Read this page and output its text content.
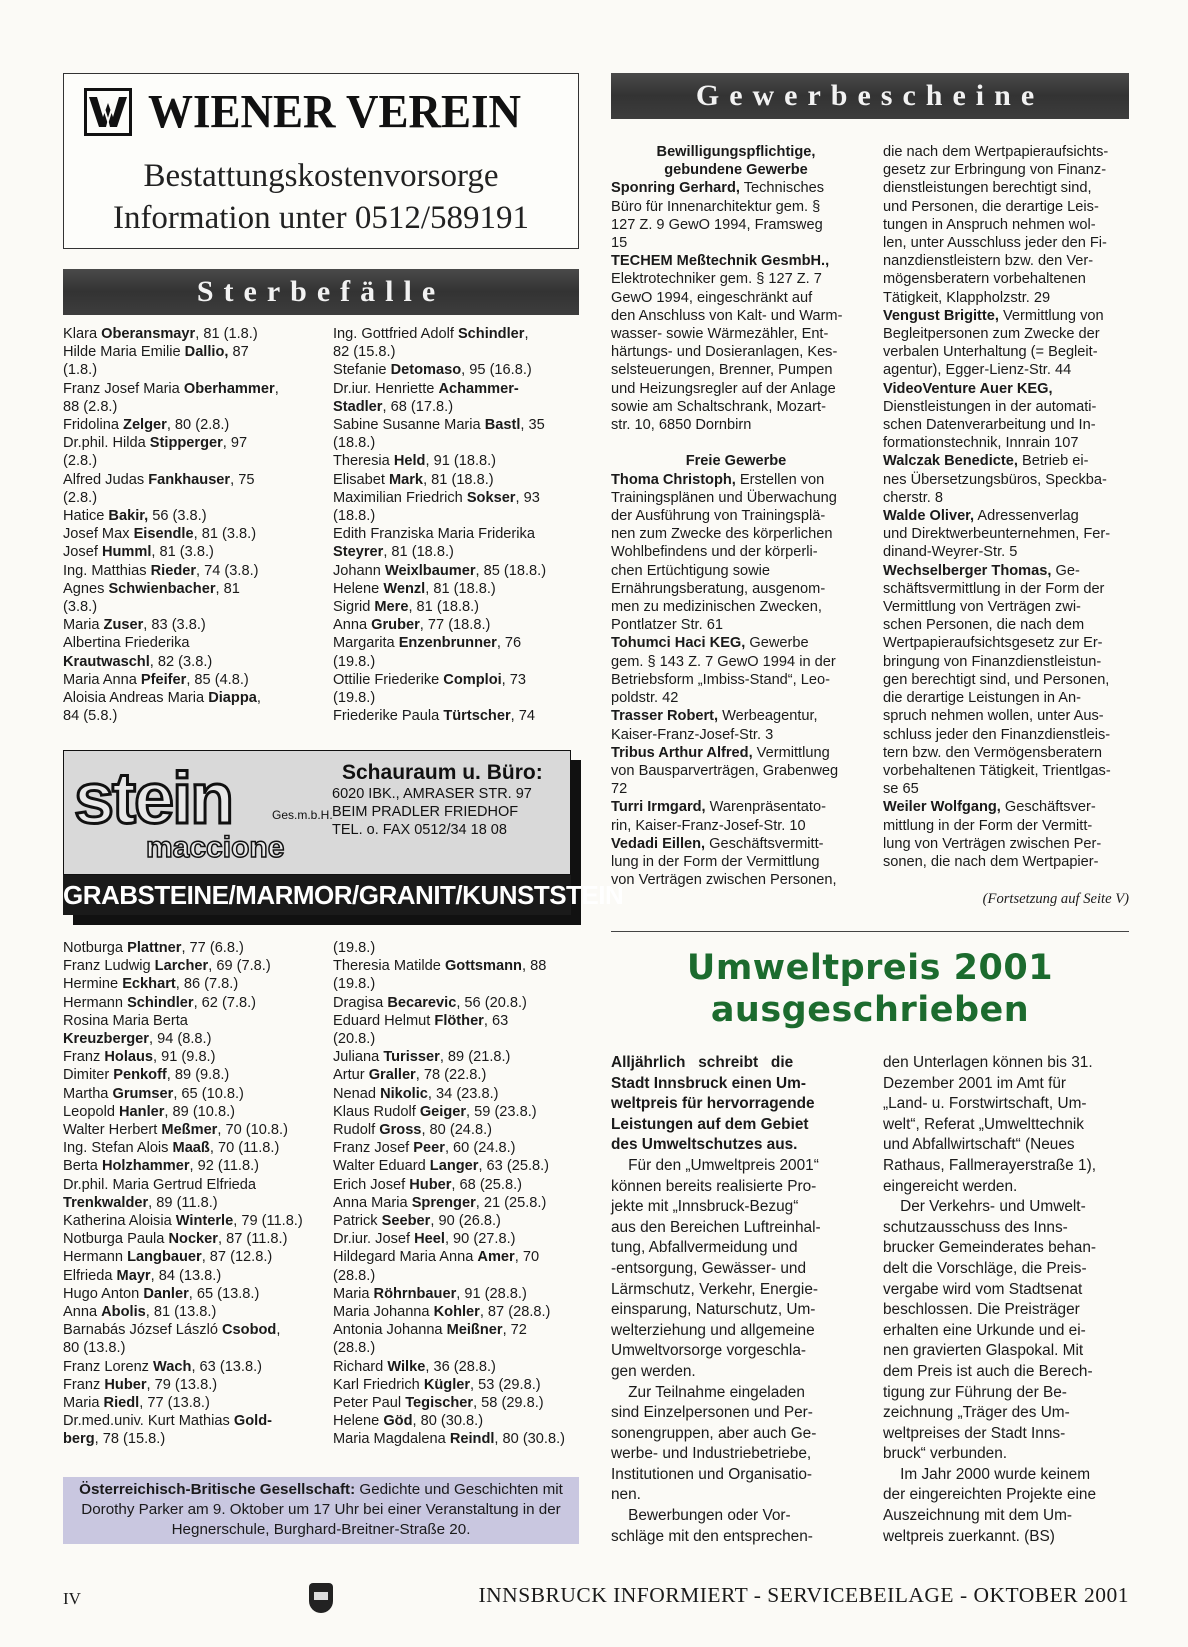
WIENER VEREIN
Bestattungskostenvorsorge
Information unter 0512/589191
Gewerbescheine
Sterbefälle
Klara Oberansmayr, 81 (1.8.)
Hilde Maria Emilie Dallio, 87
(1.8.)
Franz Josef Maria Oberhammer,
88 (2.8.)
Fridolina Zelger, 80 (2.8.)
Dr.phil. Hilda Stipperger, 97
(2.8.)
Alfred Judas Fankhauser, 75
(2.8.)
Hatice Bakir, 56 (3.8.)
Josef Max Eisendle, 81 (3.8.)
Josef Humml, 81 (3.8.)
Ing. Matthias Rieder, 74 (3.8.)
Agnes Schwienbacher, 81
(3.8.)
Maria Zuser, 83 (3.8.)
Albertina Friederika
Krautwaschl, 82 (3.8.)
Maria Anna Pfeifer, 85 (4.8.)
Aloisia Andreas Maria Diappa,
84 (5.8.)
Ing. Gottfried Adolf Schindler,
82 (15.8.)
Stefanie Detomaso, 95 (16.8.)
Dr.iur. Henriette Achammer-
Stadler, 68 (17.8.)
Sabine Susanne Maria Bastl, 35
(18.8.)
Theresia Held, 91 (18.8.)
Elisabet Mark, 81 (18.8.)
Maximilian Friedrich Sokser, 93
(18.8.)
Edith Franziska Maria Friderika
Steyrer, 81 (18.8.)
Johann Weixlbaumer, 85 (18.8.)
Helene Wenzl, 81 (18.8.)
Sigrid Mere, 81 (18.8.)
Anna Gruber, 77 (18.8.)
Margarita Enzenbrunner, 76
(19.8.)
Ottilie Friederike Comploi, 73
(19.8.)
Friederike Paula Türtscher, 74
stein	Ges.m.b.H.
maccione
Schauraum u. Büro:
6020 IBK., AMRASER STR. 97
BEIM PRADLER FRIEDHOF
TEL. o. FAX 0512/34 18 08
GRABSTEINE/MARMOR/GRANIT/KUNSTSTEIN
Notburga Plattner, 77 (6.8.)
Franz Ludwig Larcher, 69 (7.8.)
Hermine Eckhart, 86 (7.8.)
Hermann Schindler, 62 (7.8.)
Rosina Maria Berta
Kreuzberger, 94 (8.8.)
Franz Holaus, 91 (9.8.)
Dimiter Penkoff, 89 (9.8.)
Martha Grumser, 65 (10.8.)
Leopold Hanler, 89 (10.8.)
Walter Herbert Meßmer, 70 (10.8.)
Ing. Stefan Alois Maaß, 70 (11.8.)
Berta Holzhammer, 92 (11.8.)
Dr.phil. Maria Gertrud Elfrieda
Trenkwalder, 89 (11.8.)
Katherina Aloisia Winterle, 79 (11.8.)
Notburga Paula Nocker, 87 (11.8.)
Hermann Langbauer, 87 (12.8.)
Elfrieda Mayr, 84 (13.8.)
Hugo Anton Danler, 65 (13.8.)
Anna Abolis, 81 (13.8.)
Barnabás József László Csobod,
80 (13.8.)
Franz Lorenz Wach, 63 (13.8.)
Franz Huber, 79 (13.8.)
Maria Riedl, 77 (13.8.)
Dr.med.univ. Kurt Mathias Gold-
berg, 78 (15.8.)
(19.8.)
Theresia Matilde Gottsmann, 88
(19.8.)
Dragisa Becarevic, 56 (20.8.)
Eduard Helmut Flöther, 63
(20.8.)
Juliana Turisser, 89 (21.8.)
Artur Graller, 78 (22.8.)
Nenad Nikolic, 34 (23.8.)
Klaus Rudolf Geiger, 59 (23.8.)
Rudolf Gross, 80 (24.8.)
Franz Josef Peer, 60 (24.8.)
Walter Eduard Langer, 63 (25.8.)
Erich Josef Huber, 68 (25.8.)
Anna Maria Sprenger, 21 (25.8.)
Patrick Seeber, 90 (26.8.)
Dr.iur. Josef Heel, 90 (27.8.)
Hildegard Maria Anna Amer, 70
(28.8.)
Maria Röhrnbauer, 91 (28.8.)
Maria Johanna Kohler, 87 (28.8.)
Antonia Johanna Meißner, 72
(28.8.)
Richard Wilke, 36 (28.8.)
Karl Friedrich Kügler, 53 (29.8.)
Peter Paul Tegischer, 58 (29.8.)
Helene Göd, 80 (30.8.)
Maria Magdalena Reindl, 80 (30.8.)
Österreichisch-Britische Gesellschaft: Gedichte und Geschichten mit Dorothy Parker am 9. Oktober um 17 Uhr bei einer Veranstaltung in der Hegnerschule, Burghard-Breitner-Straße 20.
Bewilligungspflichtige,
gebundene Gewerbe
Sponring Gerhard, Technisches
Büro für Innenarchitektur gem. §
127 Z. 9 GewO 1994, Framsweg
15
TECHEM Meßtechnik GesmbH.,
Elektrotechniker gem. § 127 Z. 7
GewO 1994, eingeschränkt auf
den Anschluss von Kalt- und Warm-
wasser- sowie Wärmezähler, Ent-
härtungs- und Dosieranlagen, Kes-
selsteuerungen, Brenner, Pumpen
und Heizungsregler auf der Anlage
sowie am Schaltschrank, Mozart-
str. 10, 6850 Dornbirn

Freie Gewerbe
Thoma Christoph, Erstellen von
Trainingsplänen und Überwachung
der Ausführung von Trainingsplä-
nen zum Zwecke des körperlichen
Wohlbefindens und der körperli-
chen Ertüchtigung sowie
Ernährungsberatung, ausgenom-
men zu medizinischen Zwecken,
Pontlatzer Str. 61
Tohumci Haci KEG, Gewerbe
gem. § 143 Z. 7 GewO 1994 in der
Betriebsform „Imbiss-Stand“, Leo-
poldstr. 42
Trasser Robert, Werbeagentur,
Kaiser-Franz-Josef-Str. 3
Tribus Arthur Alfred, Vermittlung
von Bausparverträgen, Grabenweg
72
Turri Irmgard, Warenpräsentato-
rin, Kaiser-Franz-Josef-Str. 10
Vedadi Eillen, Geschäftsvermitt-
lung in der Form der Vermittlung
von Verträgen zwischen Personen,
die nach dem Wertpapieraufsichts-
gesetz zur Erbringung von Finanz-
dienstleistungen berechtigt sind,
und Personen, die derartige Leis-
tungen in Anspruch nehmen wol-
len, unter Ausschluss jeder den Fi-
nanzdienstleistern bzw. den Ver-
mögensberatern vorbehaltenen
Tätigkeit, Klappholzstr. 29
Vengust Brigitte, Vermittlung von
Begleitpersonen zum Zwecke der
verbalen Unterhaltung (= Begleit-
agentur), Egger-Lienz-Str. 44
VideoVenture Auer KEG,
Dienstleistungen in der automati-
schen Datenverarbeitung und In-
formationstechnik, Innrain 107
Walczak Benedicte, Betrieb ei-
nes Übersetzungsbüros, Speckba-
cherstr. 8
Walde Oliver, Adressenverlag
und Direktwerbeunternehmen, Fer-
dinand-Weyrer-Str. 5
Wechselberger Thomas, Ge-
schäftsvermittlung in der Form der
Vermittlung von Verträgen zwi-
schen Personen, die nach dem
Wertpapieraufsichtsgesetz zur Er-
bringung von Finanzdienstleistun-
gen berechtigt sind, und Personen,
die derartige Leistungen in An-
spruch nehmen wollen, unter Aus-
schluss jeder den Finanzdienstleis-
tern bzw. den Vermögensberatern
vorbehaltenen Tätigkeit, Trientlgas-
se 65
Weiler Wolfgang, Geschäftsver-
mittlung in der Form der Vermitt-
lung von Verträgen zwischen Per-
sonen, die nach dem Wertpapier-
(Fortsetzung auf Seite V)
Umweltpreis 2001
ausgeschrieben
Alljährlich   schreibt   die
Stadt Innsbruck einen Um-
weltpreis für hervorragende
Leistungen auf dem Gebiet
des Umweltschutzes aus.
Für den „Umweltpreis 2001“
können bereits realisierte Pro-
jekte mit „Innsbruck-Bezug“
aus den Bereichen Luftreinhal-
tung, Abfallvermeidung und
-entsorgung, Gewässer- und
Lärmschutz, Verkehr, Energie-
einsparung, Naturschutz, Um-
welterziehung und allgemeine
Umweltvorsorge vorgeschla-
gen werden.
Zur Teilnahme eingeladen
sind Einzelpersonen und Per-
sonengruppen, aber auch Ge-
werbe- und Industriebetriebe,
Institutionen und Organisatio-
nen.
Bewerbungen oder Vor-
schläge mit den entsprechen-
den Unterlagen können bis 31.
Dezember 2001 im Amt für
„Land- u. Forstwirtschaft, Um-
welt“, Referat „Umwelttechnik
und Abfallwirtschaft“ (Neues
Rathaus, Fallmerayerstraße 1),
eingereicht werden.
Der Verkehrs- und Umwelt-
schutzausschuss des Inns-
brucker Gemeinderates behan-
delt die Vorschläge, die Preis-
vergabe wird vom Stadtsenat
beschlossen. Die Preisträger
erhalten eine Urkunde und ei-
nen gravierten Glaspokal. Mit
dem Preis ist auch die Berech-
tigung zur Führung der Be-
zeichnung „Träger des Um-
weltpreises der Stadt Inns-
bruck“ verbunden.
Im Jahr 2000 wurde keinem
der eingereichten Projekte eine
Auszeichnung mit dem Um-
weltpreis zuerkannt. (BS)
IV	INNSBRUCK INFORMIERT - SERVICEBEILAGE - OKTOBER 2001
